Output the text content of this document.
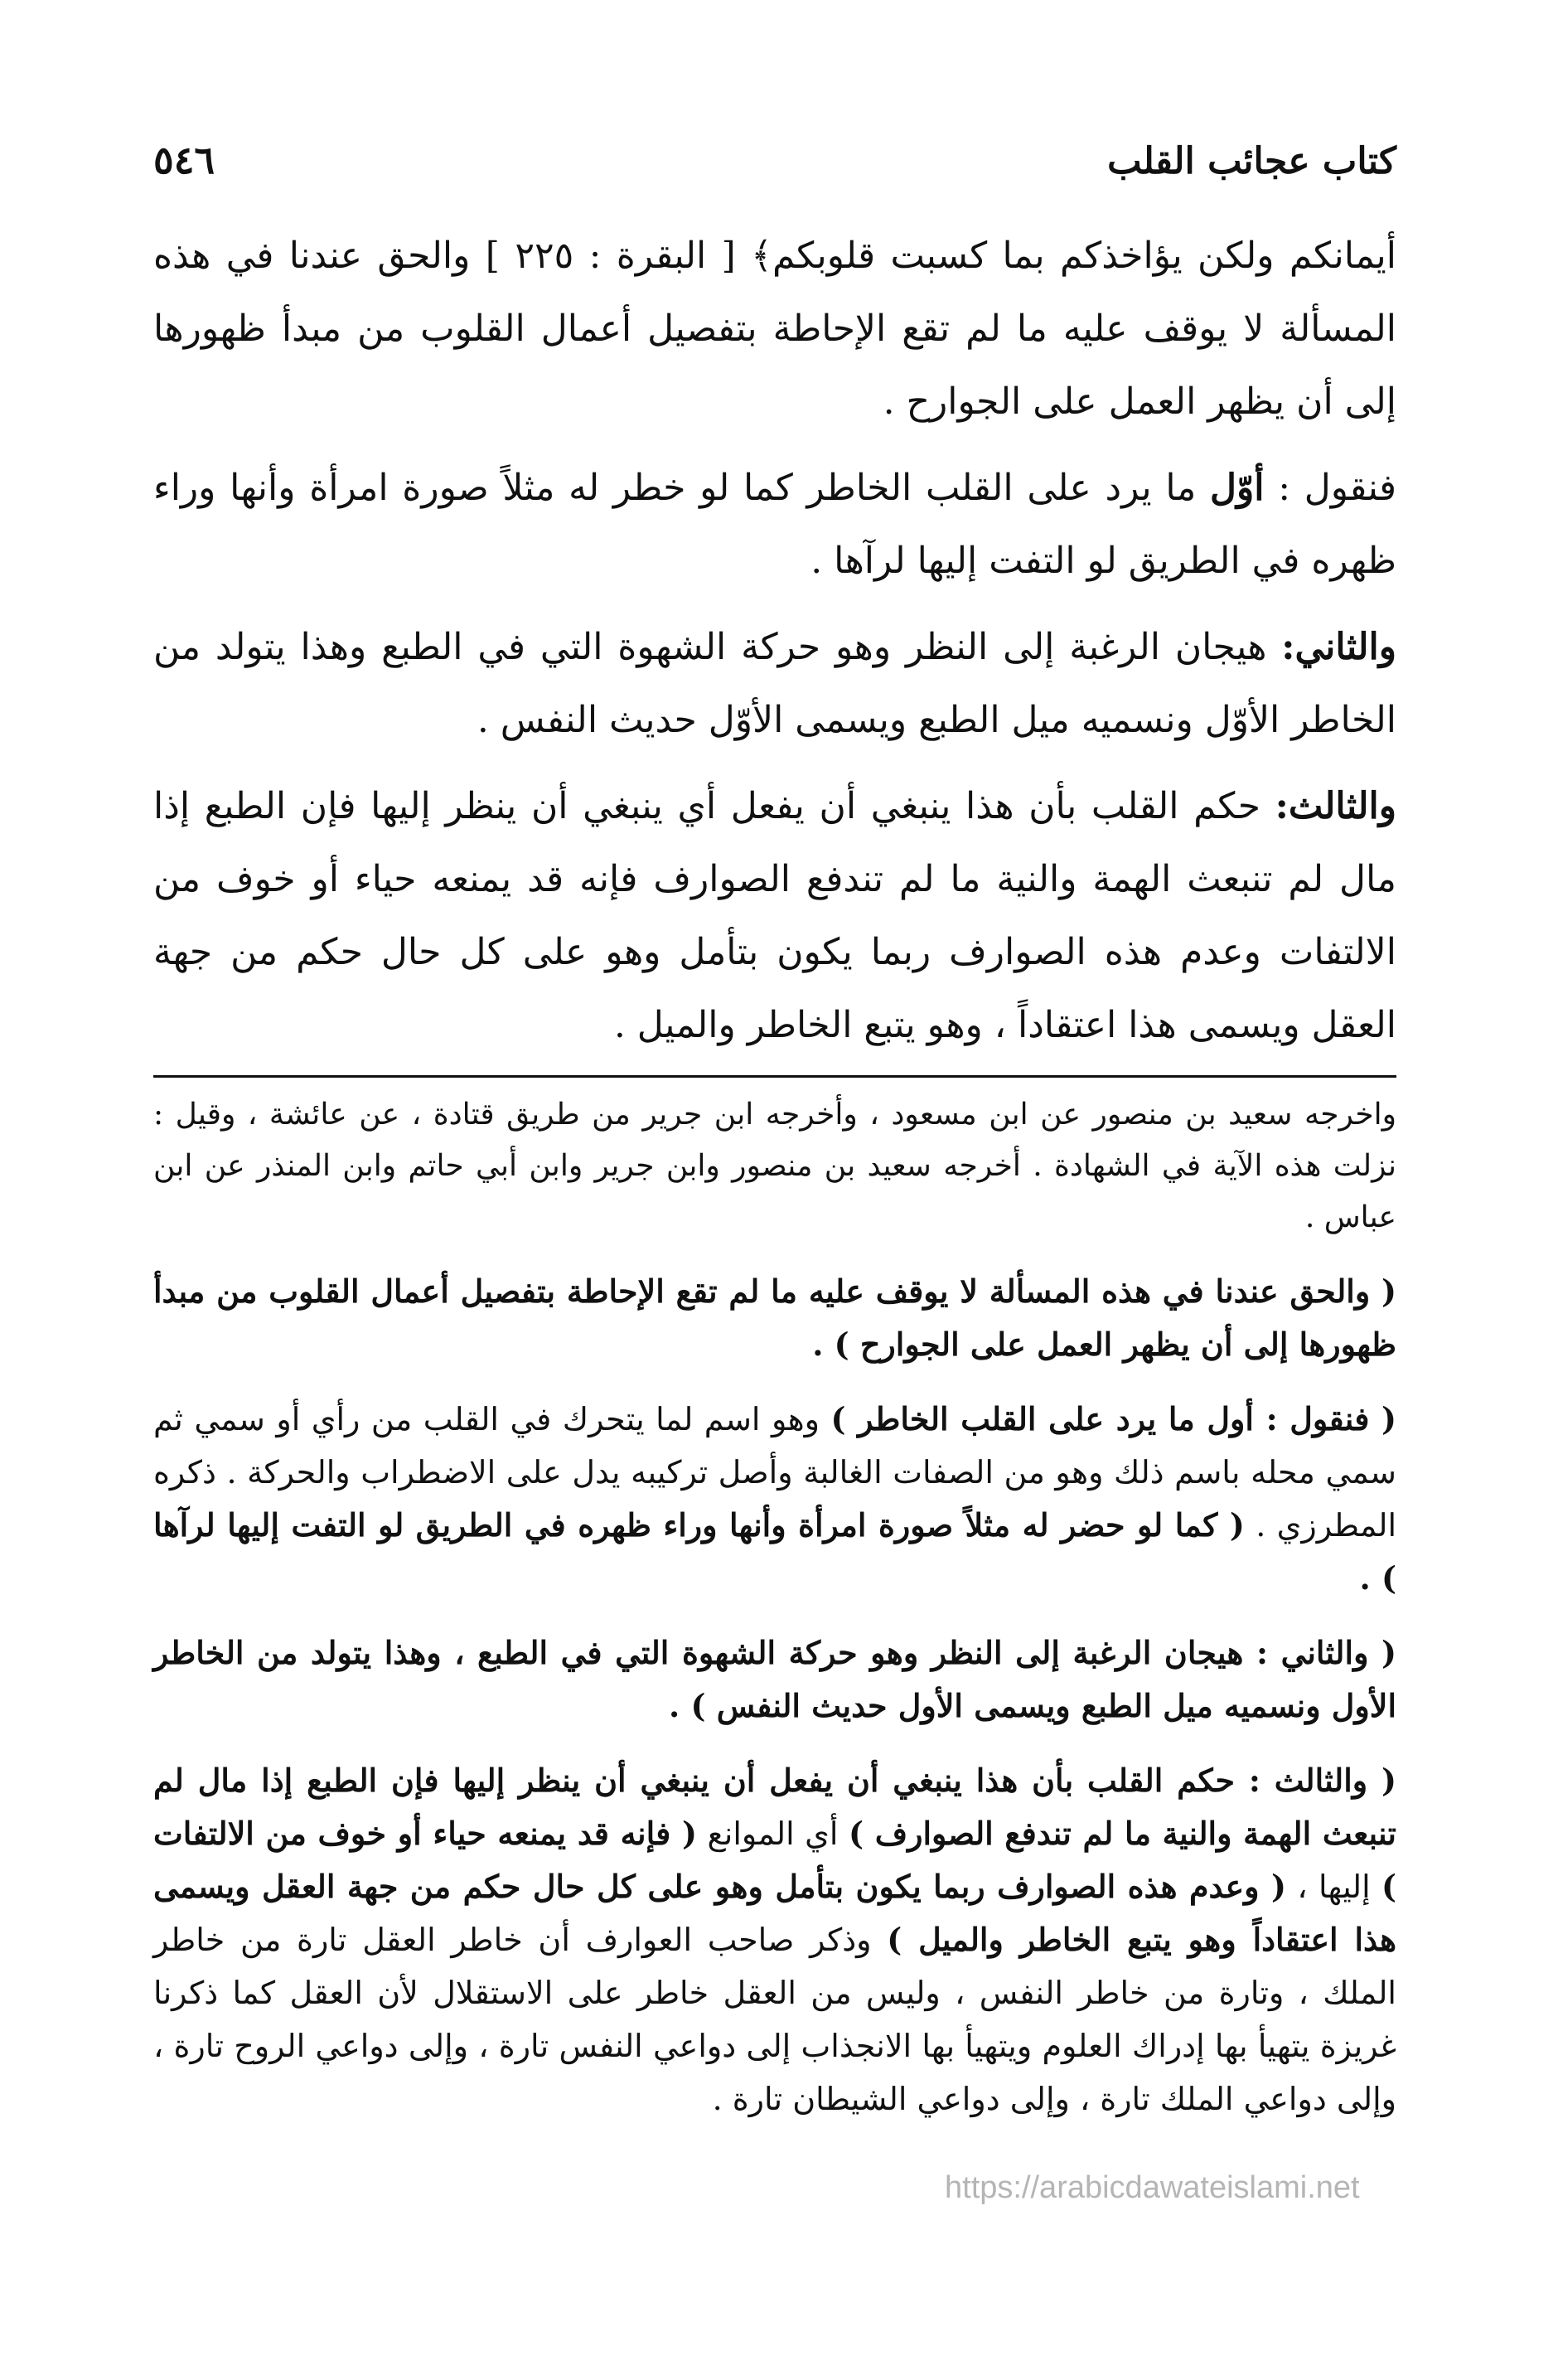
كتاب عجائب القلب
٥٤٦

أيمانكم ولكن يؤاخذكم بما كسبت قلوبكم﴾ [ البقرة : ٢٢٥ ] والحق عندنا في هذه المسألة لا يوقف عليه ما لم تقع الإحاطة بتفصيل أعمال القلوب من مبدأ ظهورها إلى أن يظهر العمل على الجوارح .

فنقول : أوّل ما يرد على القلب الخاطر كما لو خطر له مثلاً صورة امرأة وأنها وراء ظهره في الطريق لو التفت إليها لرآها .

والثاني: هيجان الرغبة إلى النظر وهو حركة الشهوة التي في الطبع وهذا يتولد من الخاطر الأوّل ونسميه ميل الطبع ويسمى الأوّل حديث النفس .

والثالث: حكم القلب بأن هذا ينبغي أن يفعل أي ينبغي أن ينظر إليها فإن الطبع إذا مال لم تنبعث الهمة والنية ما لم تندفع الصوارف فإنه قد يمنعه حياء أو خوف من الالتفات وعدم هذه الصوارف ربما يكون بتأمل وهو على كل حال حكم من جهة العقل ويسمى هذا اعتقاداً ، وهو يتبع الخاطر والميل .

واخرجه سعيد بن منصور عن ابن مسعود ، وأخرجه ابن جرير من طريق قتادة ، عن عائشة ، وقيل : نزلت هذه الآية في الشهادة . أخرجه سعيد بن منصور وابن جرير وابن أبي حاتم وابن المنذر عن ابن عباس .

( والحق عندنا في هذه المسألة لا يوقف عليه ما لم تقع الإحاطة بتفصيل أعمال القلوب من مبدأ ظهورها إلى أن يظهر العمل على الجوارح ) .

( فنقول : أول ما يرد على القلب الخاطر ) وهو اسم لما يتحرك في القلب من رأي أو سمي ثم سمي محله باسم ذلك وهو من الصفات الغالبة وأصل تركيبه يدل على الاضطراب والحركة . ذكره المطرزي . ( كما لو حضر له مثلاً صورة امرأة وأنها وراء ظهره في الطريق لو التفت إليها لرآها ) .

( والثاني : هيجان الرغبة إلى النظر وهو حركة الشهوة التي في الطبع ، وهذا يتولد من الخاطر الأول ونسميه ميل الطبع ويسمى الأول حديث النفس ) .

( والثالث : حكم القلب بأن هذا ينبغي أن يفعل أن ينبغي أن ينظر إليها فإن الطبع إذا مال لم تنبعث الهمة والنية ما لم تندفع الصوارف ) أي الموانع ( فإنه قد يمنعه حياء أو خوف من الالتفات ) إليها ، ( وعدم هذه الصوارف ربما يكون بتأمل وهو على كل حال حكم من جهة العقل ويسمى هذا اعتقاداً وهو يتبع الخاطر والميل ) وذكر صاحب العوارف أن خاطر العقل تارة من خاطر الملك ، وتارة من خاطر النفس ، وليس من العقل خاطر على الاستقلال لأن العقل كما ذكرنا غريزة يتهيأ بها إدراك العلوم ويتهيأ بها الانجذاب إلى دواعي النفس تارة ، وإلى دواعي الروح تارة ، وإلى دواعي الملك تارة ، وإلى دواعي الشيطان تارة .

https://arabicdawateislami.net
